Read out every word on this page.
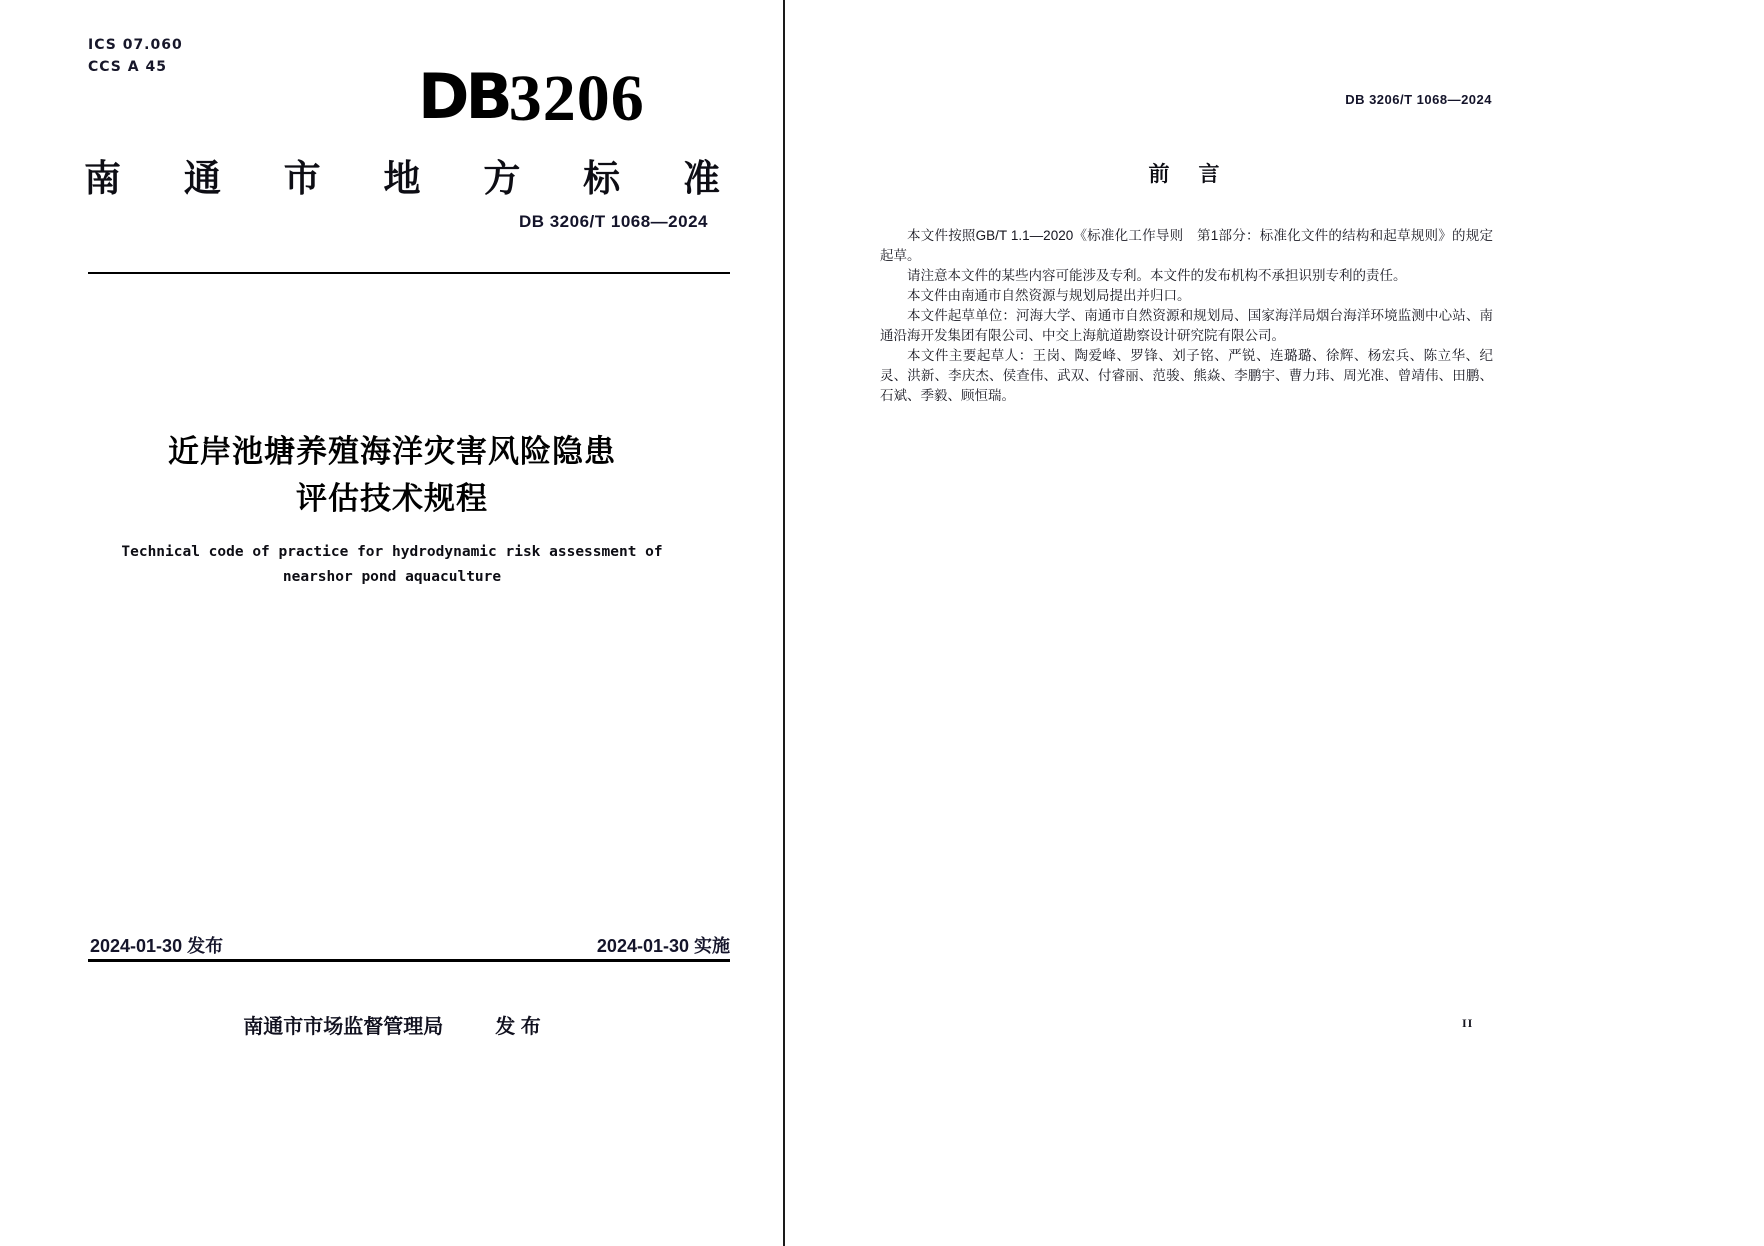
ICS 07.060
CCS A 45	DB3206
南 通 市 地 方 标 准
DB 3206/T 1068—2024
近岸池塘养殖海洋灾害风险隐患
评估技术规程
Technical code of practice for hydrodynamic risk assessment of
nearshor pond aquaculture
2024-01-30 发布	2024-01-30 实施
南通市市场监督管理局	发 布
DB 3206/T 1068—2024
前　言

本文件按照GB/T 1.1—2020《标准化工作导则　第1部分：标准化文件的结构和起草规则》的规定起草。

请注意本文件的某些内容可能涉及专利。本文件的发布机构不承担识别专利的责任。

本文件由南通市自然资源与规划局提出并归口。

本文件起草单位：河海大学、南通市自然资源和规划局、国家海洋局烟台海洋环境监测中心站、南通沿海开发集团有限公司、中交上海航道勘察设计研究院有限公司。

本文件主要起草人：王岗、陶爱峰、罗锋、刘子铭、严锐、连璐璐、徐辉、杨宏兵、陈立华、纪灵、洪新、李庆杰、侯查伟、武双、付睿丽、范骏、熊焱、李鹏宇、曹力玮、周光准、曾靖伟、田鹏、石斌、季毅、顾恒瑞。

II
